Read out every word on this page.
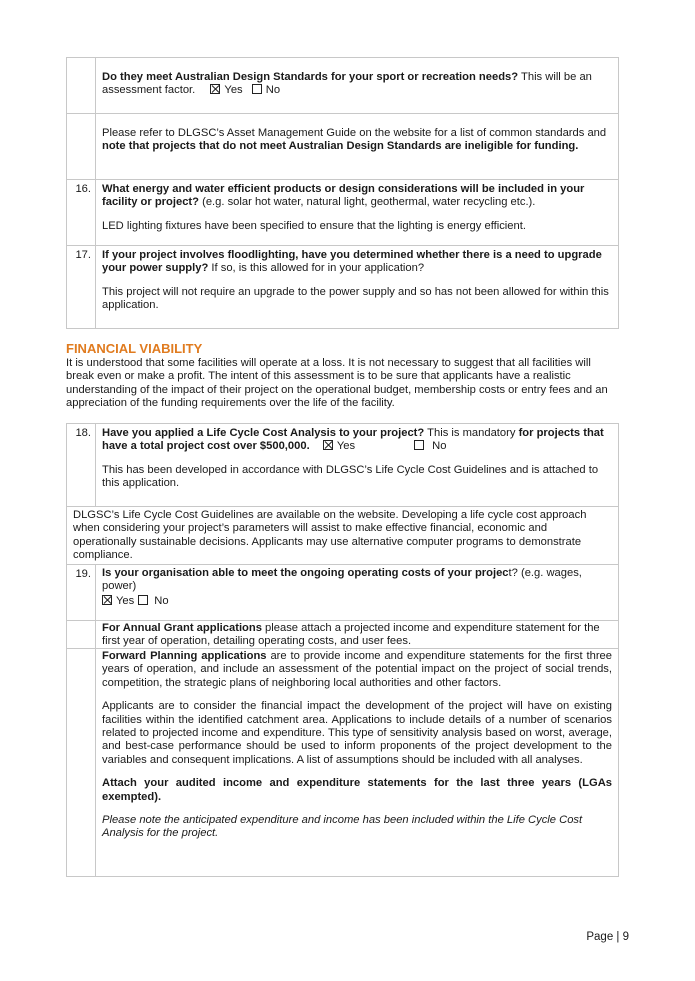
Do they meet Australian Design Standards for your sport or recreation needs? This will be an assessment factor.	Yes No
Please refer to DLGSC’s Asset Management Guide on the website for a list of common standards and note that projects that do not meet Australian Design Standards are ineligible for funding.
16. What energy and water efficient products or design considerations will be included in your facility or project? (e.g. solar hot water, natural light, geothermal, water recycling etc.).

LED lighting fixtures have been specified to ensure that the lighting is energy efficient.

17. If your project involves floodlighting, have you determined whether there is a need to upgrade your power supply? If so, is this allowed for in your application?

This project will not require an upgrade to the power supply and so has not been allowed for within this application.

FINANCIAL VIABILITY
It is understood that some facilities will operate at a loss. It is not necessary to suggest that all facilities will break even or make a profit. The intent of this assessment is to be sure that applicants have a realistic understanding of the impact of their project on the operational budget, membership costs or entry fees and an appreciation of the funding requirements over the life of the facility.
18. Have you applied a Life Cycle Cost Analysis to your project? This is mandatory for projects that have a total project cost over $500,000. Yes	No

This has been developed in accordance with DLGSC’s Life Cycle Cost Guidelines and is attached to this application.

DLGSC’s Life Cycle Cost Guidelines are available on the website. Developing a life cycle cost approach when considering your project’s parameters will assist to make effective financial, economic and operationally sustainable decisions. Applicants may use alternative computer programs to demonstrate compliance.
19. Is your organisation able to meet the ongoing operating costs of your project? (e.g. wages, power)

Yes No

For Annual Grant applications please attach a projected income and expenditure statement for the first year of operation, detailing operating costs, and user fees.

Forward Planning applications are to provide income and expenditure statements for the first three years of operation, and include an assessment of the potential impact on the project of social trends, competition, the strategic plans of neighboring local authorities and other factors.

Applicants are to consider the financial impact the development of the project will have on existing facilities within the identified catchment area. Applications to include details of a number of scenarios related to projected income and expenditure. This type of sensitivity analysis based on worst, average, and best-case performance should be used to inform proponents of the project development to the variables and consequent implications. A list of assumptions should be included with all analyses.

Attach your audited income and expenditure statements for the last three years (LGAs exempted).

Please note the anticipated expenditure and income has been included within the Life Cycle Cost Analysis for the project.

Page | 9
